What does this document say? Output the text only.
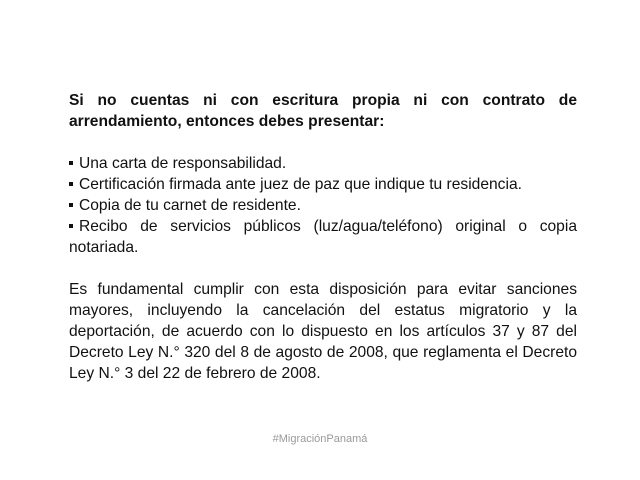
Si no cuentas ni con escritura propia ni con contrato de arrendamiento, entonces debes presentar:

Una carta de responsabilidad.
Certificación firmada ante juez de paz que indique tu residencia.
Copia de tu carnet de residente.
Recibo de servicios públicos (luz/agua/teléfono) original o copia notariada.

Es fundamental cumplir con esta disposición para evitar sanciones mayores, incluyendo la cancelación del estatus migratorio y la deportación, de acuerdo con lo dispuesto en los artículos 37 y 87 del Decreto Ley N.° 320 del 8 de agosto de 2008, que reglamenta el Decreto Ley N.° 3 del 22 de febrero de 2008.

#MigraciónPanamá
